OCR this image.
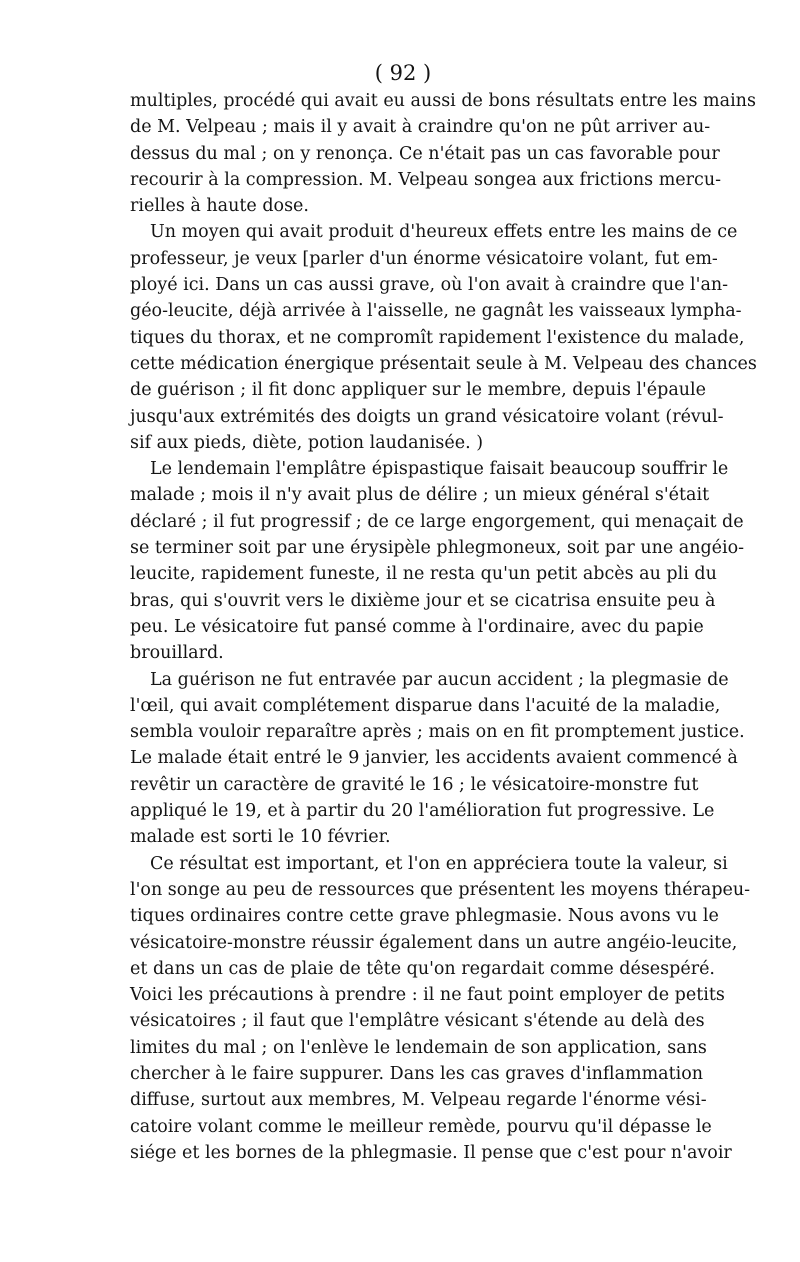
( 92 )

multiples, procédé qui avait eu aussi de bons résultats entre les mains
de M. Velpeau ; mais il y avait à craindre qu'on ne pût arriver au-
dessus du mal ; on y renonça. Ce n'était pas un cas favorable pour
recourir à la compression. M. Velpeau songea aux frictions mercu-
rielles à haute dose.

Un moyen qui avait produit d'heureux effets entre les mains de ce
professeur, je veux [parler d'un énorme vésicatoire volant, fut em-
ployé ici. Dans un cas aussi grave, où l'on avait à craindre que l'an-
géo-leucite, déjà arrivée à l'aisselle, ne gagnât les vaisseaux lympha-
tiques du thorax, et ne compromît rapidement l'existence du malade,
cette médication énergique présentait seule à M. Velpeau des chances
de guérison ; il fit donc appliquer sur le membre, depuis l'épaule
jusqu'aux extrémités des doigts un grand vésicatoire volant (révul-
sif aux pieds, diète, potion laudanisée. )

Le lendemain l'emplâtre épispastique faisait beaucoup souffrir le
malade ; mois il n'y avait plus de délire ; un mieux général s'était
déclaré ; il fut progressif ; de ce large engorgement, qui menaçait de
se terminer soit par une érysipèle phlegmoneux, soit par une angéio-
leucite, rapidement funeste, il ne resta qu'un petit abcès au pli du
bras, qui s'ouvrit vers le dixième jour et se cicatrisa ensuite peu à
peu. Le vésicatoire fut pansé comme à l'ordinaire, avec du papie
brouillard.

La guérison ne fut entravée par aucun accident ; la plegmasie de
l'œil, qui avait complétement disparue dans l'acuité de la maladie,
sembla vouloir reparaître après ; mais on en fit promptement justice.
Le malade était entré le 9 janvier, les accidents avaient commencé à
revêtir un caractère de gravité le 16 ; le vésicatoire-monstre fut
appliqué le 19, et à partir du 20 l'amélioration fut progressive. Le
malade est sorti le 10 février.

Ce résultat est important, et l'on en appréciera toute la valeur, si
l'on songe au peu de ressources que présentent les moyens thérapeu-
tiques ordinaires contre cette grave phlegmasie. Nous avons vu le
vésicatoire-monstre réussir également dans un autre angéio-leucite,
et dans un cas de plaie de tête qu'on regardait comme désespéré.
Voici les précautions à prendre : il ne faut point employer de petits
vésicatoires ; il faut que l'emplâtre vésicant s'étende au delà des
limites du mal ; on l'enlève le lendemain de son application, sans
chercher à le faire suppurer. Dans les cas graves d'inflammation
diffuse, surtout aux membres, M. Velpeau regarde l'énorme vési-
catoire volant comme le meilleur remède, pourvu qu'il dépasse le
siége et les bornes de la phlegmasie. Il pense que c'est pour n'avoir
